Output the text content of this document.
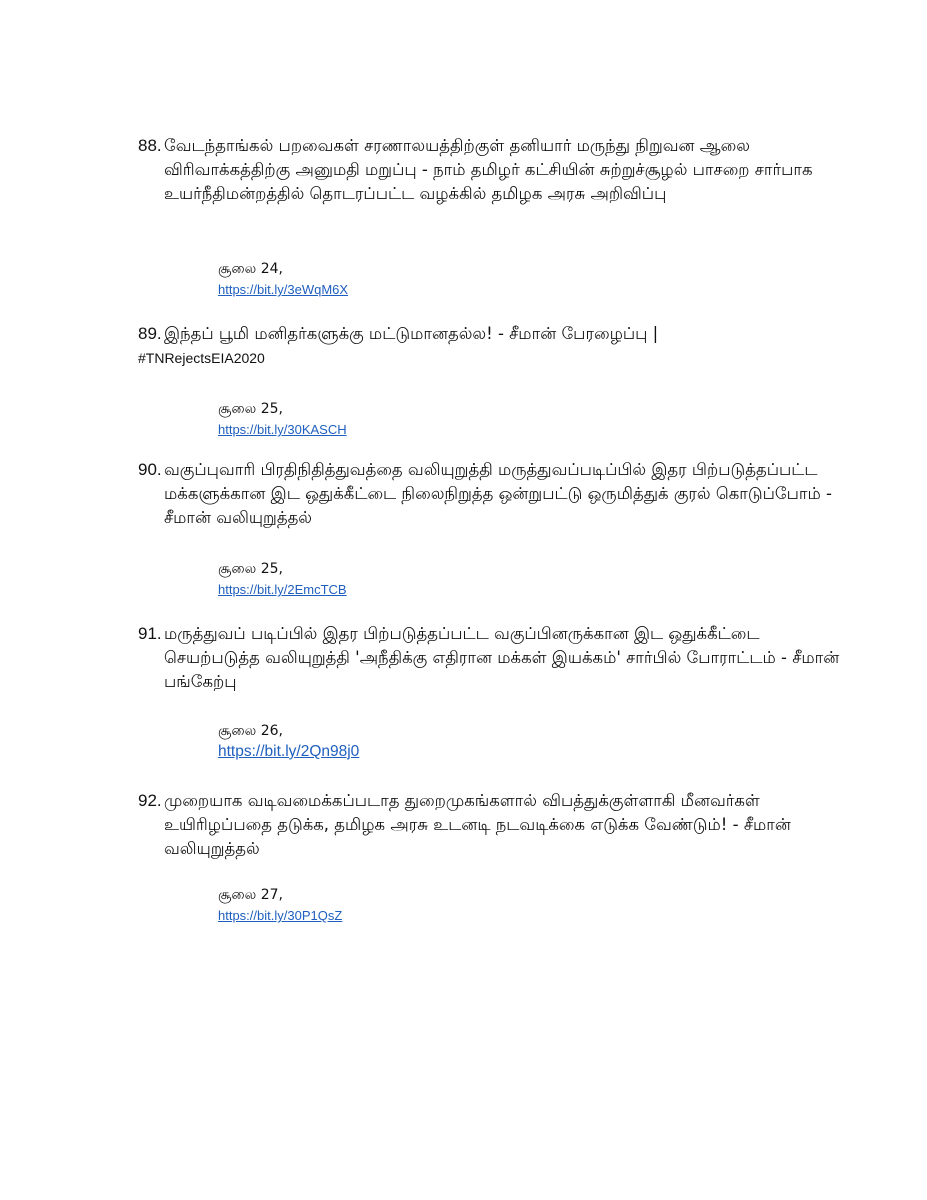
88. வேடந்தாங்கல் பறவைகள் சரணாலயத்திற்குள் தனியார் மருந்து நிறுவன ஆலை விரிவாக்கத்திற்கு அனுமதி மறுப்பு - நாம் தமிழர் கட்சியின் சுற்றுச்சூழல் பாசறை சார்பாக உயர்நீதிமன்றத்தில் தொடரப்பட்ட வழக்கில் தமிழக அரசு அறிவிப்பு
சூலை 24,
https://bit.ly/3eWqM6X
89. இந்தப் பூமி மனிதர்களுக்கு மட்டுமானதல்ல! - சீமான் பேரழைப்பு |
#TNRejectsEIA2020
சூலை 25,
https://bit.ly/30KASCH
90. வகுப்புவாரி பிரதிநிதித்துவத்தை வலியுறுத்தி மருத்துவப்படிப்பில் இதர பிற்படுத்தப்பட்ட மக்களுக்கான இட ஒதுக்கீட்டை நிலைநிறுத்த ஒன்றுபட்டு ஒருமித்துக் குரல் கொடுப்போம் - சீமான் வலியுறுத்தல்
சூலை 25,
https://bit.ly/2EmcTCB
91. மருத்துவப் படிப்பில் இதர பிற்படுத்தப்பட்ட வகுப்பினருக்கான இட ஒதுக்கீட்டை செயற்படுத்த வலியுறுத்தி 'அநீதிக்கு எதிரான மக்கள் இயக்கம்' சார்பில் போராட்டம் - சீமான் பங்கேற்பு
சூலை 26,
https://bit.ly/2Qn98j0
92. முறையாக வடிவமைக்கப்படாத துறைமுகங்களால் விபத்துக்குள்ளாகி மீனவர்கள் உயிரிழப்பதை தடுக்க, தமிழக அரசு உடனடி நடவடிக்கை எடுக்க வேண்டும்! - சீமான் வலியுறுத்தல்
சூலை 27,
https://bit.ly/30P1QsZ
